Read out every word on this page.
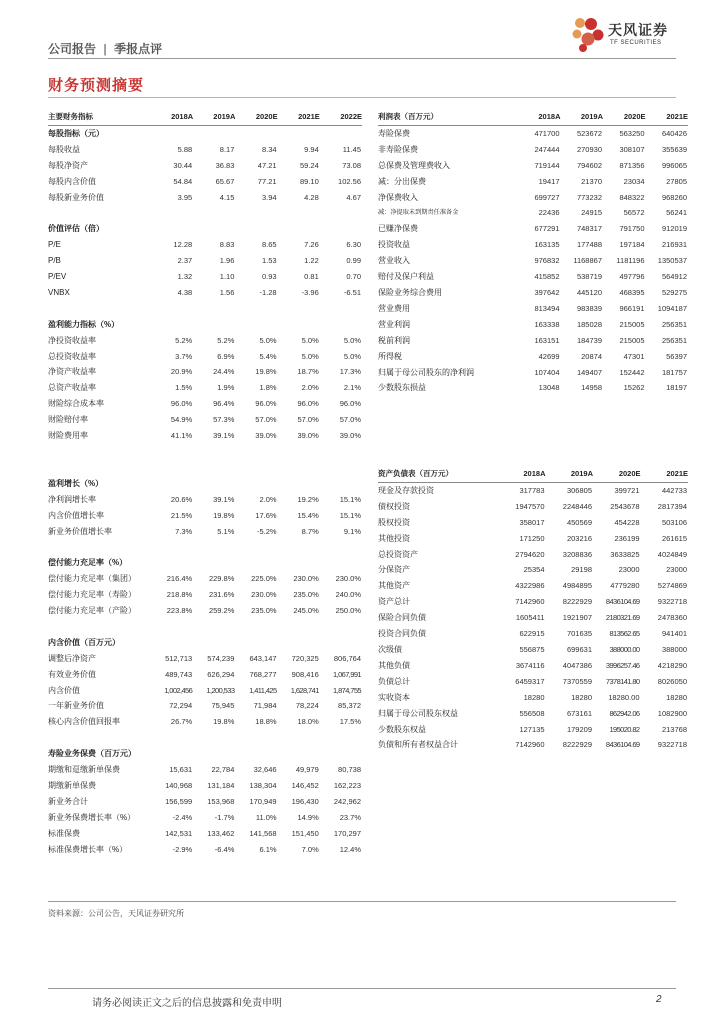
公司报告 | 季报点评
天风证券
TF SECURITIES
财务预测摘要
主要财务指标	2018A	2019A	2020E	2021E	2022E
每股指标（元）					
每股收益	5.88	8.17	8.34	9.94	11.45
每股净资产	30.44	36.83	47.21	59.24	73.08
每股内含价值	54.84	65.67	77.21	89.10	102.56
每股新业务价值	3.95	4.15	3.94	4.28	4.67

价值评估（倍）					
P/E	12.28	8.83	8.65	7.26	6.30
P/B	2.37	1.96	1.53	1.22	0.99
P/EV	1.32	1.10	0.93	0.81	0.70
VNBX	4.38	1.56	-1.28	-3.96	-6.51

盈利能力指标（%）					
净投资收益率	5.2%	5.2%	5.0%	5.0%	5.0%
总投资收益率	3.7%	6.9%	5.4%	5.0%	5.0%
净资产收益率	20.9%	24.4%	19.8%	18.7%	17.3%
总资产收益率	1.5%	1.9%	1.8%	2.0%	2.1%
财险综合成本率	96.0%	96.4%	96.0%	96.0%	96.0%
财险赔付率	54.9%	57.3%	57.0%	57.0%	57.0%
财险费用率	41.1%	39.1%	39.0%	39.0%	39.0%

盈利增长（%）					
净利润增长率	20.6%	39.1%	2.0%	19.2%	15.1%
内含价值增长率	21.5%	19.8%	17.6%	15.4%	15.1%
新业务价值增长率	7.3%	5.1%	-5.2%	8.7%	9.1%

偿付能力充足率（%）					
偿付能力充足率（集团）	216.4%	229.8%	225.0%	230.0%	230.0%
偿付能力充足率（寿险）	218.8%	231.6%	230.0%	235.0%	240.0%
偿付能力充足率（产险）	223.8%	259.2%	235.0%	245.0%	250.0%

内含价值（百万元）					
调整后净资产	512,713	574,239	643,147	720,325	806,764
有效业务价值	489,743	626,294	768,277	908,416	1,067,991
内含价值	1,002,456	1,200,533	1,411,425	1,628,741	1,874,755
一年新业务价值	72,294	75,945	71,984	78,224	85,372
核心内含价值回报率	26.7%	19.8%	18.8%	18.0%	17.5%

寿险业务保费（百万元）					
期缴和趸缴新单保费	15,631	22,784	32,646	49,979	80,738
期缴新单保费	140,968	131,184	138,304	146,452	162,223
新业务合计	156,599	153,968	170,949	196,430	242,962
新业务保费增长率（%）	-2.4%	-1.7%	11.0%	14.9%	23.7%
标准保费	142,531	133,462	141,568	151,450	170,297
标准保费增长率（%）	-2.9%	-6.4%	6.1%	7.0%	12.4%
利润表（百万元）	2018A	2019A	2020E	2021E
寿险保费	471700	523672	563250	640426
非寿险保费	247444	270930	308107	355639
总保费及管理费收入	719144	794602	871356	996065
减：分出保费	19417	21370	23034	27805
净保费收入	699727	773232	848322	968260
减：净提取未到期责任准备金	22436	24915	56572	56241
已赚净保费	677291	748317	791750	912019
投资收益	163135	177488	197184	216931
营业收入	976832	1168867	1181196	1350537
赔付及保户利益	415852	538719	497796	564912
保险业务综合费用	397642	445120	468395	529275
营业费用	813494	983839	966191	1094187
营业利润	163338	185028	215005	256351
税前利润	163151	184739	215005	256351
所得税	42699	20874	47301	56397
归属于母公司股东的净利润	107404	149407	152442	181757
少数股东损益	13048	14958	15262	18197
资产负债表（百万元）	2018A	2019A	2020E	2021E
现金及存款投资	317783	306805	399721	442733
债权投资	1947570	2248446	2543678	2817394
股权投资	358017	450569	454228	503106
其他投资	171250	203216	236199	261615
总投资资产	2794620	3208836	3633825	4024849
分保资产	25354	29198	23000	23000
其他资产	4322986	4984895	4779280	5274869
资产总计	7142960	8222929	8436104.69	9322718
保险合同负债	1605411	1921907	2180321.69	2478360
投资合同负债	622915	701635	813562.65	941401
次级债	556875	699631	388000.00	388000
其他负债	3674116	4047386	3996257.46	4218290
负债总计	6459317	7370559	7378141.80	8026050
实收资本	18280	18280	18280.00	18280
归属于母公司股东权益	556508	673161	862942.06	1082900
少数股东权益	127135	179209	195020.82	213768
负债和所有者权益合计	7142960	8222929	8436104.69	9322718
资料来源：公司公告，天风证券研究所
请务必阅读正文之后的信息披露和免责申明	2
